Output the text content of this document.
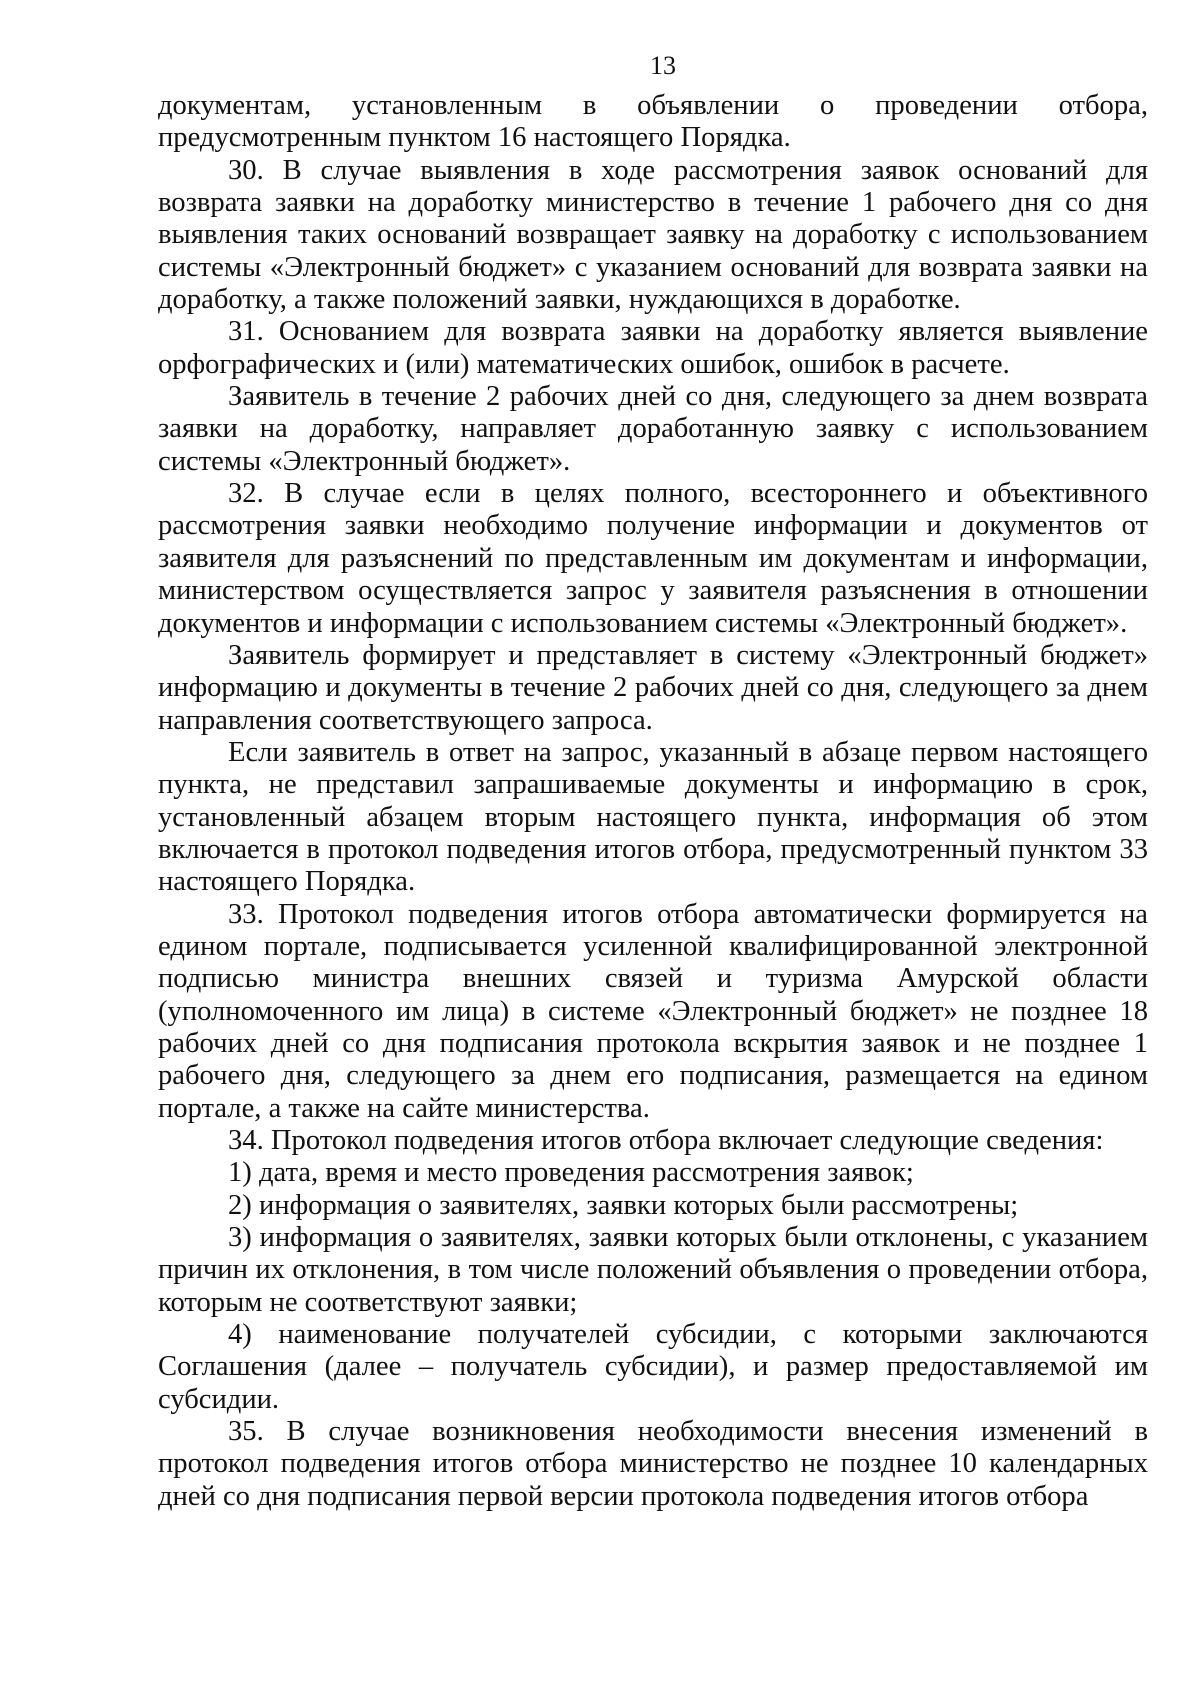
13

документам, установленным в объявлении о проведении отбора, предусмотренным пунктом 16 настоящего Порядка.

30. В случае выявления в ходе рассмотрения заявок оснований для возврата заявки на доработку министерство в течение 1 рабочего дня со дня выявления таких оснований возвращает заявку на доработку с использованием системы «Электронный бюджет» с указанием оснований для возврата заявки на доработку, а также положений заявки, нуждающихся в доработке.

31. Основанием для возврата заявки на доработку является выявление орфографических и (или) математических ошибок, ошибок в расчете.

Заявитель в течение 2 рабочих дней со дня, следующего за днем возврата заявки на доработку, направляет доработанную заявку с использованием системы «Электронный бюджет».

32. В случае если в целях полного, всестороннего и объективного рассмотрения заявки необходимо получение информации и документов от заявителя для разъяснений по представленным им документам и информации, министерством осуществляется запрос у заявителя разъяснения в отношении документов и информации с использованием системы «Электронный бюджет».

Заявитель формирует и представляет в систему «Электронный бюджет» информацию и документы в течение 2 рабочих дней со дня, следующего за днем направления соответствующего запроса.

Если заявитель в ответ на запрос, указанный в абзаце первом настоящего пункта, не представил запрашиваемые документы и информацию в срок, установленный абзацем вторым настоящего пункта, информация об этом включается в протокол подведения итогов отбора, предусмотренный пунктом 33 настоящего Порядка.

33. Протокол подведения итогов отбора автоматически формируется на едином портале, подписывается усиленной квалифицированной электронной подписью министра внешних связей и туризма Амурской области (уполномоченного им лица) в системе «Электронный бюджет» не позднее 18 рабочих дней со дня подписания протокола вскрытия заявок и не позднее 1 рабочего дня, следующего за днем его подписания, размещается на едином портале, а также на сайте министерства.

34. Протокол подведения итогов отбора включает следующие сведения:

1) дата, время и место проведения рассмотрения заявок;

2) информация о заявителях, заявки которых были рассмотрены;

3) информация о заявителях, заявки которых были отклонены, с указанием причин их отклонения, в том числе положений объявления о проведении отбора, которым не соответствуют заявки;

4) наименование получателей субсидии, с которыми заключаются Соглашения (далее – получатель субсидии), и размер предоставляемой им субсидии.

35. В случае возникновения необходимости внесения изменений в протокол подведения итогов отбора министерство не позднее 10 календарных дней со дня подписания первой версии протокола подведения итогов отбора
